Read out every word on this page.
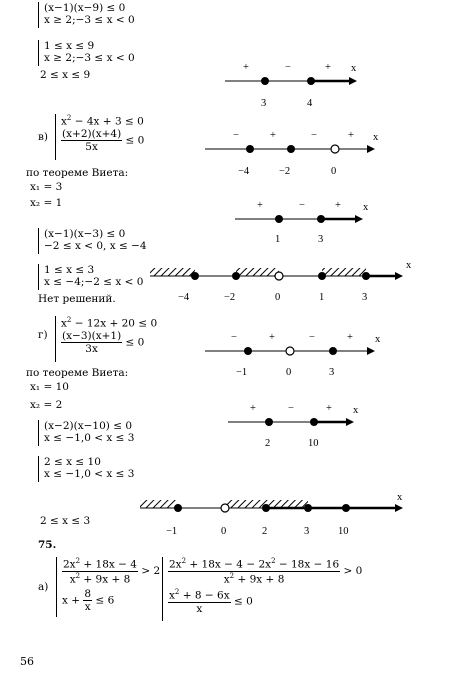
(x−1)(x−9) ≤ 0
x ≥ 2;−3 ≤ x < 0
1 ≤ x ≤ 9
x ≥ 2;−3 ≤ x < 0
2 ≤ x ≤ 9
+	−	+ x
3	4
в)
$x^2 - 4x + 3 \le 0$
$\frac{(x+2)(x+4)}{5x} \le 0$	−	+	−	+ x
−4	−2	0
по теореме Виета:
x₁ = 3
x₂ = 1	+	−	+ x
1	3
(x−1)(x−3) ≤ 0
−2 ≤ x < 0, x ≤ −4
1 ≤ x ≤ 3
x ≤ −4;−2 ≤ x < 0
Нет решений.
x
−4	−2	0	1	3
г)
$x^2 - 12x + 20 \le 0$
$\frac{(x-3)(x+1)}{3x} \le 0$	−	+	−	+ x
−1	0	3
по теореме Виета:
x₁ = 10
x₂ = 2	+	−	+ x
2	10
(x−2)(x−10) ≤ 0
x ≤ −1,0 < x ≤ 3
2 ≤ x ≤ 10
x ≤ −1,0 < x ≤ 3
2 ≤ x ≤ 3
x
−1	0	2	3	10
75.
а)
$\frac{2x^2 + 18x - 4}{x^2 + 9x + 8} > 2$
$x + \frac{8}{x} \le 6$
$\frac{2x^2 + 18x - 4 - 2x^2 - 18x - 16}{x^2 + 9x + 8} > 0$
$\frac{x^2 + 8 - 6x}{x} \le 0$
56
